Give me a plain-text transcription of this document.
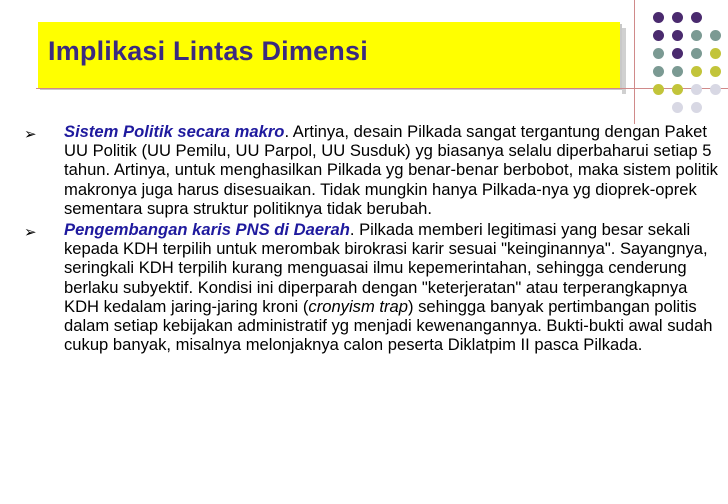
Implikasi Lintas Dimensi
➢ Sistem Politik secara makro. Artinya, desain Pilkada sangat tergantung dengan Paket UU Politik (UU Pemilu, UU Parpol, UU Susduk) yg biasanya selalu diperbaharui setiap 5 tahun. Artinya, untuk menghasilkan Pilkada yg benar-benar berbobot, maka sistem politik makronya juga harus disesuaikan. Tidak mungkin hanya Pilkada-nya yg dioprek-oprek sementara supra struktur politiknya tidak berubah.

➢ Pengembangan karis PNS di Daerah. Pilkada memberi legitimasi yang besar sekali kepada KDH terpilih untuk merombak birokrasi karir sesuai "keinginannya". Sayangnya, seringkali KDH terpilih kurang menguasai ilmu kepemerintahan, sehingga cenderung berlaku subyektif. Kondisi ini diperparah dengan "keterjeratan" atau terperangkapnya KDH kedalam jaring-jaring kroni (cronyism trap) sehingga banyak pertimbangan politis dalam setiap kebijakan administratif yg menjadi kewenangannya. Bukti-bukti awal sudah cukup banyak, misalnya melonjaknya calon peserta Diklatpim II pasca Pilkada.
